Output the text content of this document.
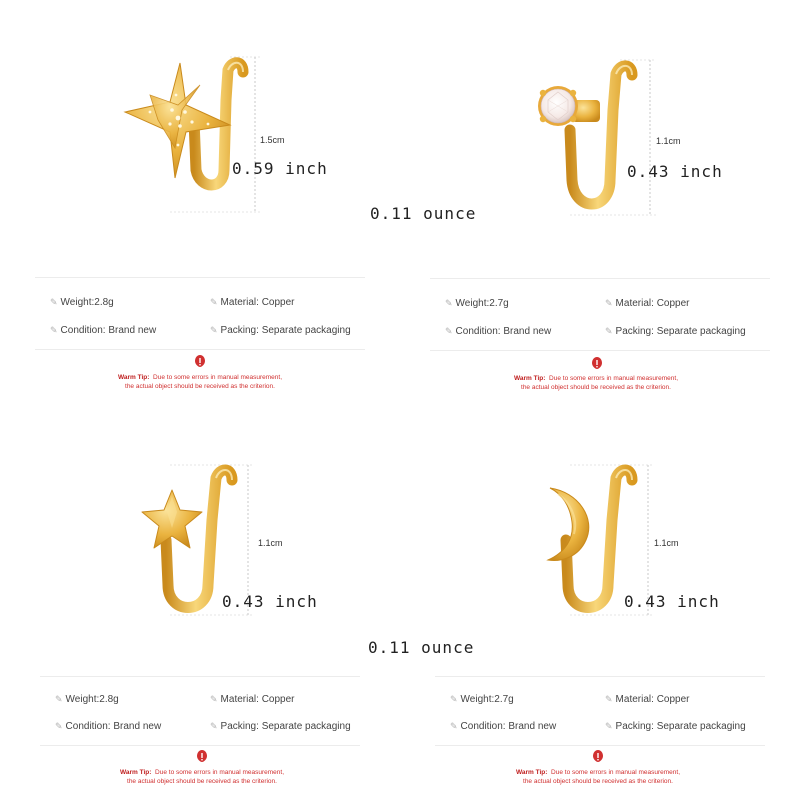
1.5cm
0.59 inch
✎ Weight:2.8g	✎ Material: Copper
✎ Condition: Brand new	✎ Packing: Separate packaging
Warm Tip: Due to some errors in manual measurement,
the actual object should be received as the criterion.
1.1cm
0.43 inch
✎ Weight:2.7g	✎ Material: Copper
✎ Condition: Brand new	✎ Packing: Separate packaging
Warm Tip: Due to some errors in manual measurement,
the actual object should be received as the criterion.
1.1cm
0.43 inch
✎ Weight:2.8g	✎ Material: Copper
✎ Condition: Brand new	✎ Packing: Separate packaging
Warm Tip: Due to some errors in manual measurement,
the actual object should be received as the criterion.
1.1cm
0.43 inch
✎ Weight:2.7g	✎ Material: Copper
✎ Condition: Brand new	✎ Packing: Separate packaging
Warm Tip: Due to some errors in manual measurement,
the actual object should be received as the criterion.
0.11 ounce
0.11 ounce
